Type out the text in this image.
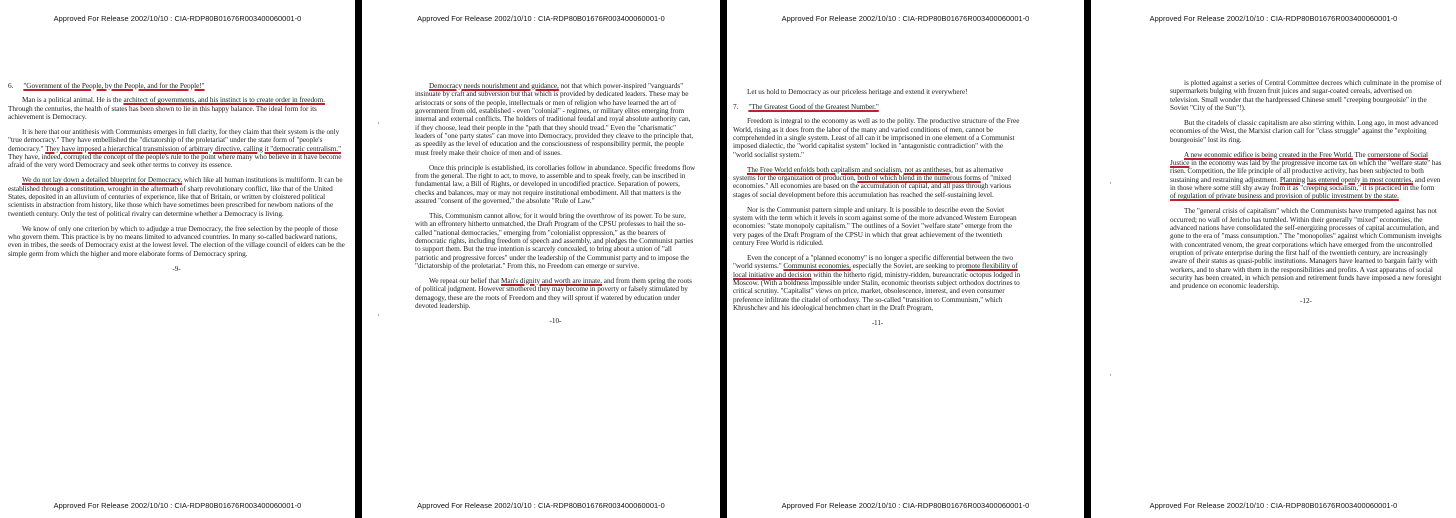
Approved For Release 2002/10/10 : CIA-RDP80B01676R003400060001-0

6. "Government of the People, by the People, and for the People!"

Man is a political animal. He is the architect of governments, and his instinct is to create order in freedom. Through the centuries, the health of states has been shown to lie in this happy balance. The ideal form for its achievement is Democracy.

It is here that our antithesis with Communists emerges in full clarity, for they claim that their system is the only "true democracy." They have embellished the "dictatorship of the proletariat" under the state form of "people's democracy." They have imposed a hierarchical transmission of arbitrary directive, calling it "democratic centralism." They have, indeed, corrupted the concept of the people's rule to the point where many who believe in it have become afraid of the very word Democracy and seek other terms to convey its essence.

We do not lay down a detailed blueprint for Democracy, which like all human institutions is multiform. It can be established through a constitution, wrought in the aftermath of sharp revolutionary conflict, like that of the United States, deposited in an alluvium of centuries of experience, like that of Britain, or written by cloistered political scientists in abstraction from history, like those which have sometimes been prescribed for newborn nations of the twentieth century. Only the test of political rivalry can determine whether a Democracy is living.

We know of only one criterion by which to adjudge a true Democracy, the free selection by the people of those who govern them. This practice is by no means limited to advanced countries. In many so-called backward nations, even in tribes, the seeds of Democracy exist at the lowest level. The election of the village council of elders can be the simple germ from which the higher and more elaborate forms of Democracy spring.

-9-
Approved For Release 2002/10/10 : CIA-RDP80B01676R003400060001-0
Approved For Release 2002/10/10 : CIA-RDP80B01676R003400060001-0
·
·

Democracy needs nourishment and guidance, not that which power-inspired "vanguards" insinuate by craft and subversion but that which is provided by dedicated leaders. These may be aristocrats or sons of the people, intellectuals or men of religion who have learned the art of government from old, established - even "colonial" - regimes, or military elites emerging from internal and external conflicts. The holders of traditional feudal and royal absolute authority can, if they choose, lead their people in the "path that they should tread." Even the "charismatic" leaders of "one party states" can move into Democracy, provided they cleave to the principle that, as speedily as the level of education and the consciousness of responsibility permit, the people must freely make their choice of men and of issues.

Once this principle is established, its corollaries follow in abundance. Specific freedoms flow from the general. The right to act, to move, to assemble and to speak freely, can be inscribed in fundamental law, a Bill of Rights, or developed in uncodified practice. Separation of powers, checks and balances, may or may not require institutional embodiment. All that matters is the assured "consent of the governed," the absolute "Rule of Law."

This, Communism cannot allow, for it would bring the overthrow of its power. To be sure, with an effrontery hitherto unmatched, the Draft Program of the CPSU professes to hail the so-called "national democracies," emerging from "colonialist oppression," as the bearers of democratic rights, including freedom of speech and assembly, and pledges the Communist parties to support them. But the true intention is scarcely concealed, to bring about a union of "all patriotic and progressive forces" under the leadership of the Communist party and to impose the "dictatorship of the proletariat." From this, no Freedom can emerge or survive.

We repeat our belief that Man's dignity and worth are innate, and from them spring the roots of political judgment. However smothered they may become in poverty or falsely stimulated by demagogy, these are the roots of Freedom and they will sprout if watered by education under devoted leadership.

-10-
Approved For Release 2002/10/10 : CIA-RDP80B01676R003400060001-0
Approved For Release 2002/10/10 : CIA-RDP80B01676R003400060001-0

Let us hold to Democracy as our priceless heritage and extend it everywhere!

7. "The Greatest Good of the Greatest Number."

Freedom is integral to the economy as well as to the polity. The productive structure of the Free World, rising as it does from the labor of the many and varied conditions of men, cannot be comprehended in a single system. Least of all can it be imprisoned in one element of a Communist imposed dialectic, the "world capitalist system" locked in "antagonistic contradiction" with the "world socialist system."

The Free World enfolds both capitalism and socialism, not as antitheses, but as alternative systems for the organization of production, both of which blend in the numerous forms of "mixed economies." All economies are based on the accumulation of capital, and all pass through various stages of social development before this accumulation has reached the self-sustaining level.

Nor is the Communist pattern simple and unitary. It is possible to describe even the Soviet system with the term which it levels in scorn against some of the more advanced Western European economies: "state monopoly capitalism." The outlines of a Soviet "welfare state" emerge from the very pages of the Draft Program of the CPSU in which that great achievement of the twentieth century Free World is ridiculed.

Even the concept of a "planned economy" is no longer a specific differential between the two "world systems." Communist economies, especially the Soviet, are seeking to promote flexibility of local initiative and decision within the hitherto rigid, ministry-ridden, bureaucratic octopus lodged in Moscow. (With a boldness impossible under Stalin, economic theorists subject orthodox doctrines to critical scrutiny. "Capitalist" views on price, market, obsolescence, interest, and even consumer preference infiltrate the citadel of orthodoxy. The so-called "transition to Communism," which Khrushchev and his ideological henchmen chart in the Draft Program,

-11-
Approved For Release 2002/10/10 : CIA-RDP80B01676R003400060001-0
Approved For Release 2002/10/10 : CIA-RDP80B01676R003400060001-0
·
·

is plotted against a series of Central Committee decrees which culminate in the promise of supermarkets bulging with frozen fruit juices and sugar-coated cereals, advertised on television. Small wonder that the hardpressed Chinese smell "creeping bourgeoisie" in the Soviet "City of the Sun"!).

But the citadels of classic capitalism are also stirring within. Long ago, in most advanced economies of the West, the Marxist clarion call for "class struggle" against the "exploiting bourgeoisie" lost its ring.

A new economic edifice is being created in the Free World. The cornerstone of Social Justice in the economy was laid by the progressive income tax on which the "welfare state" has risen. Competition, the life principle of all productive activity, has been subjected to both sustaining and restraining adjustment. Planning has entered openly in most countries, and even in those where some still shy away from it as "creeping socialism," it is practiced in the form of regulation of private business and provision of public investment by the state.

The "general crisis of capitalism" which the Communists have trumpeted against has not occurred; no wall of Jericho has tumbled. Within their generally "mixed" economies, the advanced nations have consolidated the self-energizing processes of capital accumulation, and gone to the era of "mass consumption." The "monopolies" against which Communism inveighs with concentrated venom, the great corporations which have emerged from the uncontrolled eruption of private enterprise during the first half of the twentieth century, are increasingly aware of their status as quasi-public institutions. Managers have learned to bargain fairly with workers, and to share with them in the responsibilities and profits. A vast apparatus of social security has been created, in which pension and retirement funds have imposed a new foresight and prudence on economic leadership.

-12-
Approved For Release 2002/10/10 : CIA-RDP80B01676R003400060001-0
